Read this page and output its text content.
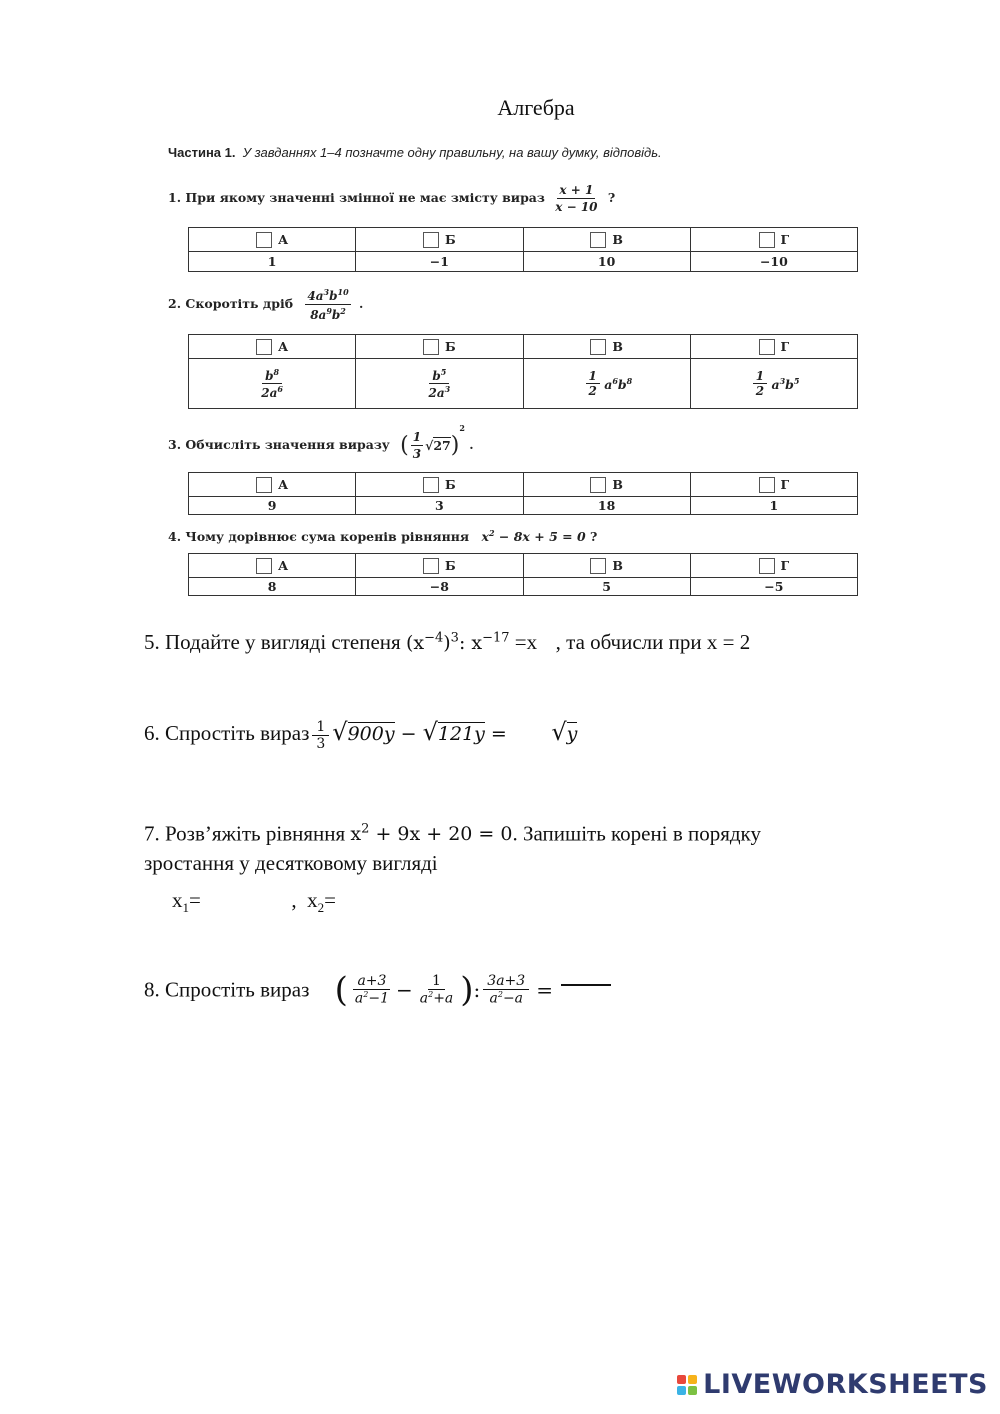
Алгебра
Частина 1. У завданнях 1–4 позначте одну правильну, на вашу думку, відповідь.
1. При якому значенні змінної не має змісту вираз $\frac{x + 1}{x - 10}$ ?
А	Б	В	Г
1	−1	10	−10
2. Скоротіть дріб $\frac{4a^3b^{10}}{8a^9b^2}$ .
А	Б	В	Г

$\frac{b^8}{2a^6}$	$\frac{b^5}{2a^3}$	$\frac{1}{2} a^6b^8$	$\frac{1}{2} a^3b^5$
3. Обчисліть значення виразу ( $\frac{1}{3} √27)^2$ .
А	Б	В	Г
9	3	18	1
4. Чому дорівнює сума коренів рівняння $x^2 - 8x + 5 = 0$ ?
А	Б	В	Г
8	−8	5	−5
5. Подайте у вигляді степеня $(x^{-4})^3$: $x^{-17} =x$ , та обчисли при x = 2
6. Спростіть вираз $\frac{1}{3} √900y - √121y = √y$
7. Розв’яжіть рівняння $x^2 + 9x + 20 = 0$. Запишіть корені в порядку
зростання у десятковому вигляді
$x_1=$	,  $x_2=$
8. Спростіть вираз ( a+3
$a^2-1 - \frac{1}{a^2+a}$ ) : $\frac{3a+3}{a^2-a}$ =
LIVEWORKSHEETS
